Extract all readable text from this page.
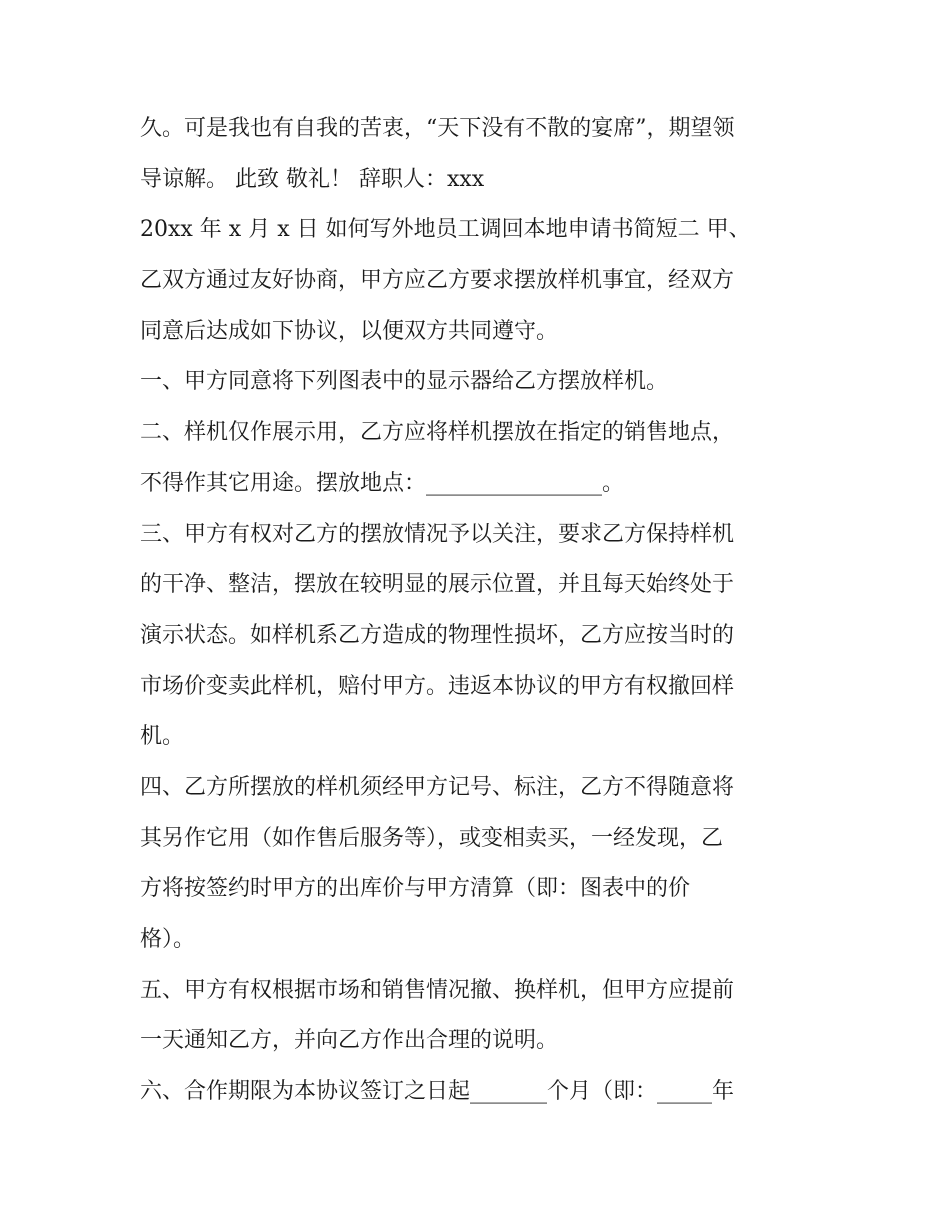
久。可是我也有自我的苦衷，“天下没有不散的宴席”，期望领
导谅解。 此致 敬礼！ 辞职人：xxx
20xx 年 x 月 x 日 如何写外地员工调回本地申请书简短二 甲、
乙双方通过友好协商，甲方应乙方要求摆放样机事宜，经双方
同意后达成如下协议，以便双方共同遵守。
一、甲方同意将下列图表中的显示器给乙方摆放样机。
二、样机仅作展示用，乙方应将样机摆放在指定的销售地点，
不得作其它用途。摆放地点：________________。
三、甲方有权对乙方的摆放情况予以关注，要求乙方保持样机
的干净、整洁，摆放在较明显的展示位置，并且每天始终处于
演示状态。如样机系乙方造成的物理性损坏，乙方应按当时的
市场价变卖此样机，赔付甲方。违返本协议的甲方有权撤回样
机。
四、乙方所摆放的样机须经甲方记号、标注，乙方不得随意将
其另作它用（如作售后服务等），或变相卖买，一经发现，乙
方将按签约时甲方的出库价与甲方清算（即：图表中的价
格）。
五、甲方有权根据市场和销售情况撤、换样机，但甲方应提前
一天通知乙方，并向乙方作出合理的说明。
六、合作期限为本协议签订之日起_______个月（即：_____年
